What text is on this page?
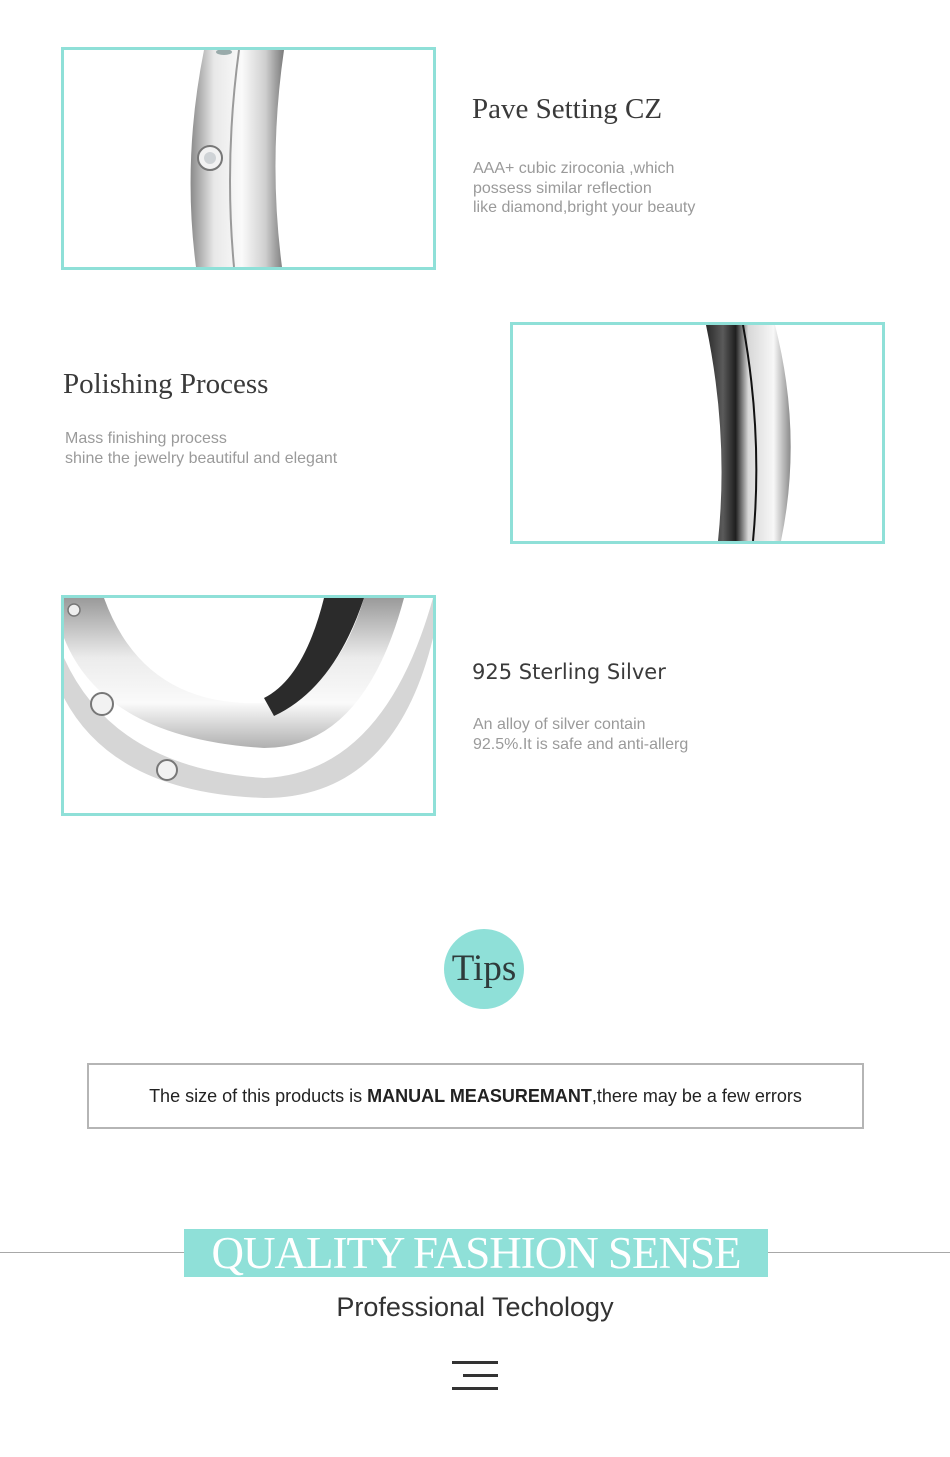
Pave Setting CZ

AAA+ cubic ziroconia ,which
possess similar reflection
like diamond,bright your beauty

Polishing Process

Mass finishing process
shine the jewelry beautiful and elegant

925 Sterling Silver

An alloy of silver contain
92.5%.It is safe and anti-allerg

Tips
The size of this products is MANUAL MEASUREMANT ,there may be a few errors
QUALITY FASHION SENSE
Professional Techology
